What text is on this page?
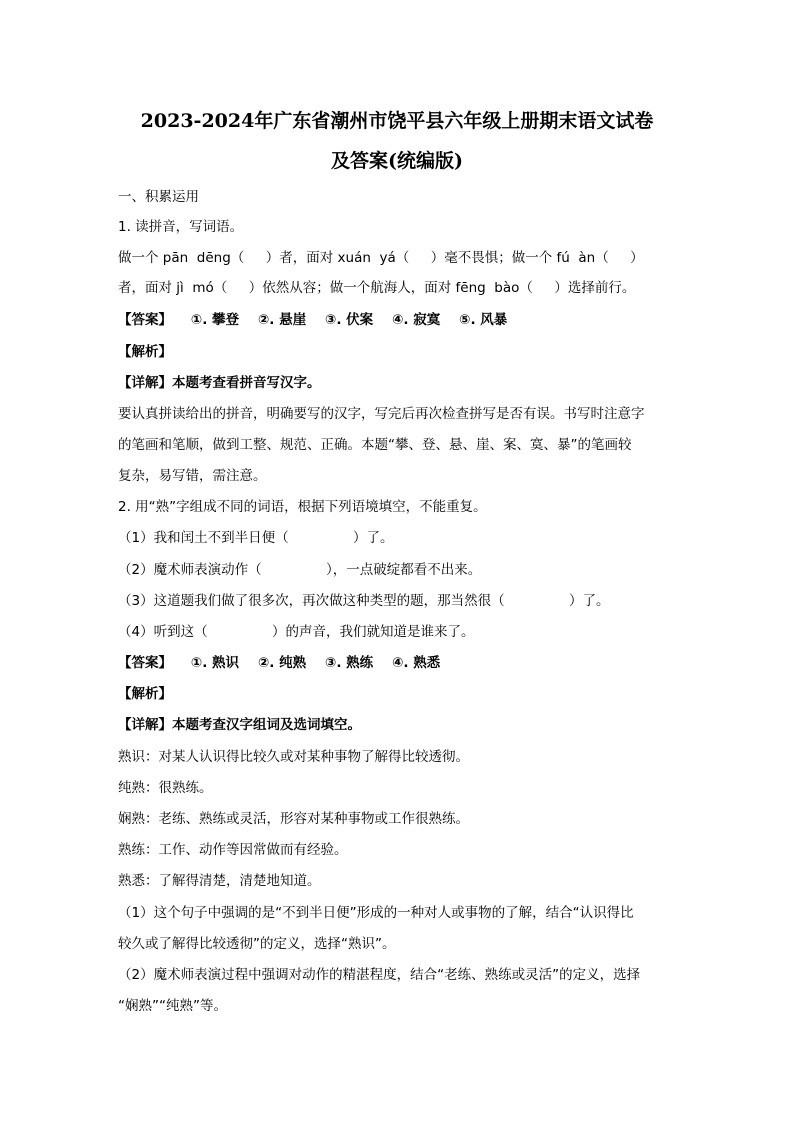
2023-2024年广东省潮州市饶平县六年级上册期末语文试卷
及答案(统编版)
一、积累运用
1. 读拼音，写词语。
做一个 pān  dēng（     ）者，面对 xuán  yá（     ）毫不畏惧；做一个 fú  àn（     ）
者，面对 jì  mó（     ）依然从容；做一个航海人，面对 fēng  bào（     ）选择前行。
【答案】    ①. 攀登    ②. 悬崖    ③. 伏案    ④. 寂寞    ⑤. 风暴
【解析】
【详解】本题考查看拼音写汉字。
要认真拼读给出的拼音，明确要写的汉字，写完后再次检查拼写是否有误。书写时注意字
的笔画和笔顺，做到工整、规范、正确。本题“攀、登、悬、崖、案、寞、暴”的笔画较
复杂，易写错，需注意。
2. 用“熟”字组成不同的词语，根据下列语境填空，不能重复。
（1）我和闰土不到半日便（               ）了。
（2）魔术师表演动作（               ），一点破绽都看不出来。
（3）这道题我们做了很多次，再次做这种类型的题，那当然很（               ）了。
（4）听到这（               ）的声音，我们就知道是谁来了。
【答案】    ①. 熟识    ②. 纯熟    ③. 熟练    ④. 熟悉
【解析】
【详解】本题考查汉字组词及选词填空。
熟识：对某人认识得比较久或对某种事物了解得比较透彻。
纯熟：很熟练。
娴熟：老练、熟练或灵活，形容对某种事物或工作很熟练。
熟练：工作、动作等因常做而有经验。
熟悉：了解得清楚，清楚地知道。
（1）这个句子中强调的是“不到半日便”形成的一种对人或事物的了解，结合“认识得比
较久或了解得比较透彻”的定义，选择“熟识”。
（2）魔术师表演过程中强调对动作的精湛程度，结合“老练、熟练或灵活”的定义，选择
“娴熟”“纯熟”等。
